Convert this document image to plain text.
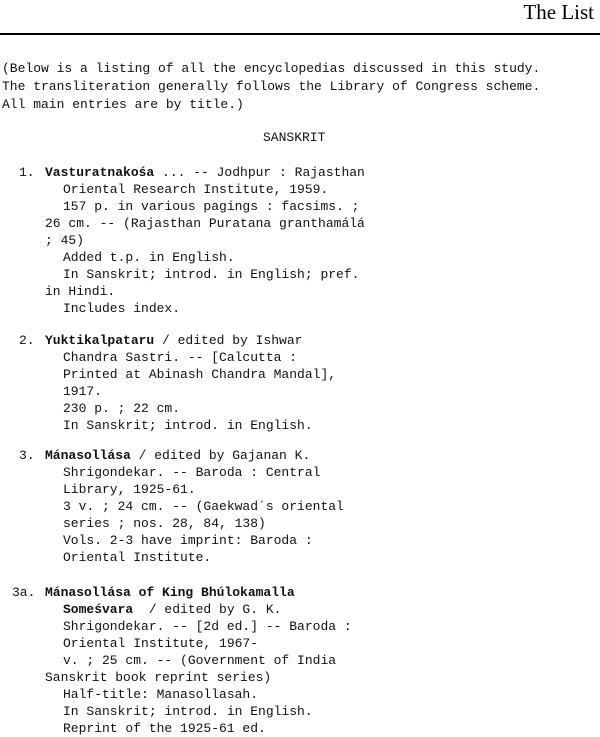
The List
(Below is a listing of all the encyclopedias discussed in this study.
The transliteration generally follows the Library of Congress scheme.
All main entries are by title.)
SANSKRIT
1. Vasturatnakośa ... -- Jodhpur : Rajasthan
Oriental Research Institute, 1959.
157 p. in various pagings : facsims. ;
26 cm. -- (Rajasthan Puratana granthamálá
; 45)
Added t.p. in English.
In Sanskrit; introd. in English; pref.
in Hindi.
Includes index.
2. Yuktikalpataru / edited by Ishwar
Chandra Sastri. -- [Calcutta :
Printed at Abinash Chandra Mandal],
1917.
230 p. ; 22 cm.
In Sanskrit; introd. in English.
3. Mánasollása / edited by Gajanan K.
Shrigondekar. -- Baroda : Central
Library, 1925-61.
3 v. ; 24 cm. -- (Gaekwad´s oriental
series ; nos. 28, 84, 138)
Vols. 2-3 have imprint: Baroda :
Oriental Institute.
3a. Mánasollása of King Bhúlokamalla
Someśvara  / edited by G. K.
Shrigondekar. -- [2d ed.] -- Baroda :
Oriental Institute, 1967-
v. ; 25 cm. -- (Government of India
Sanskrit book reprint series)
Half-title: Manasollasah.
In Sanskrit; introd. in English.
Reprint of the 1925-61 ed.
